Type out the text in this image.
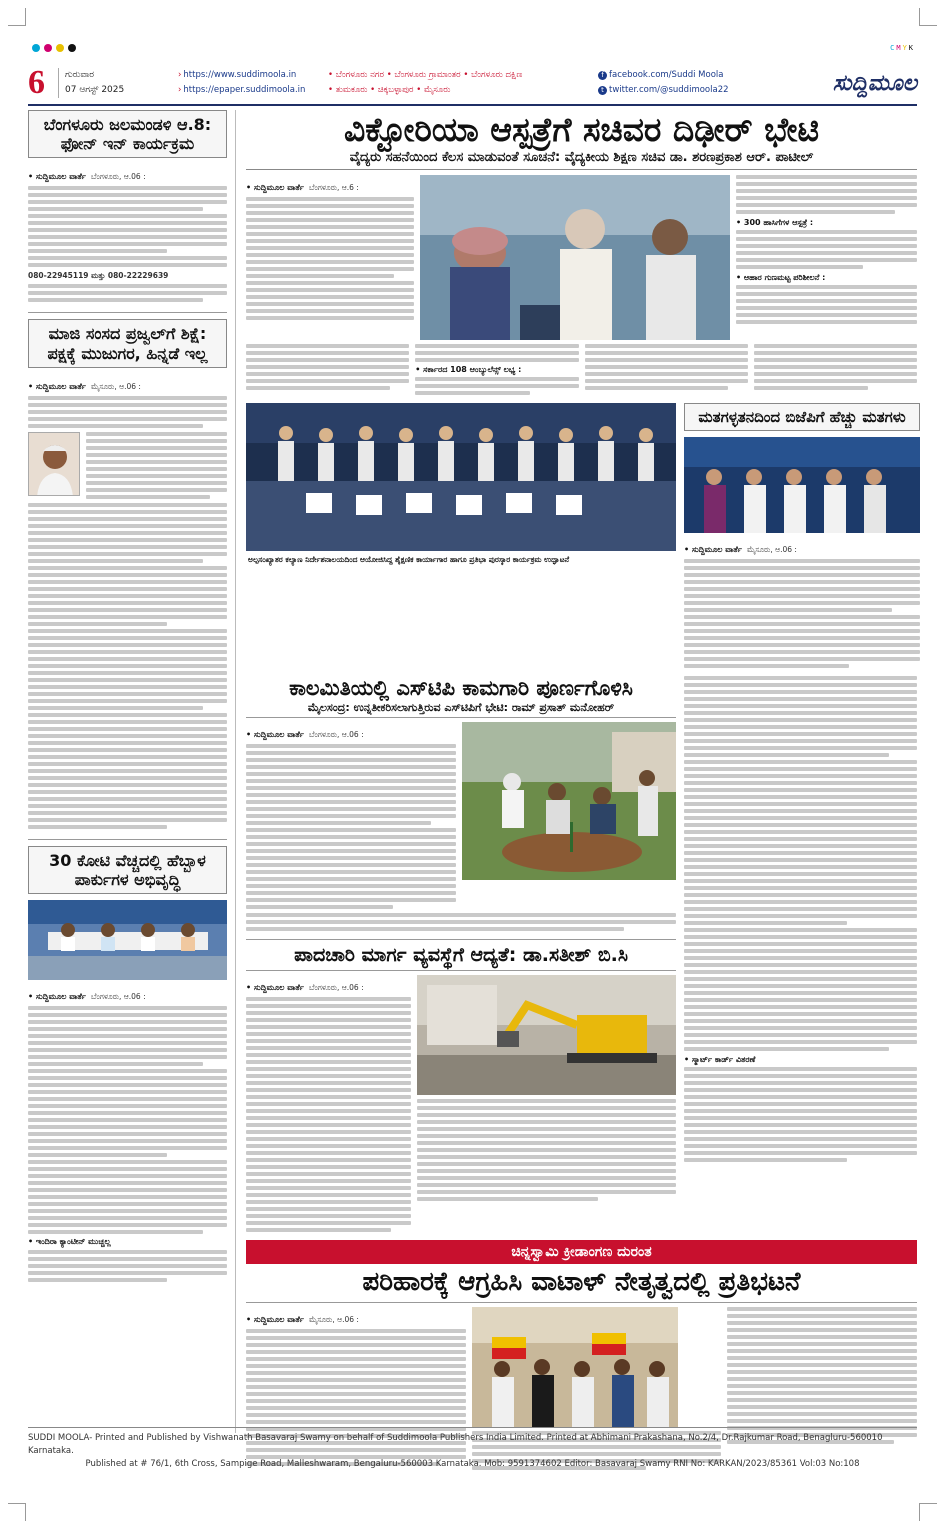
CMYK
6	ಗುರುವಾರ
07 ಆಗಸ್ಟ್ 2025
› https://www.suddimoola.in
› https://epaper.suddimoola.in
• ಬೆಂಗಳೂರು ನಗರ • ಬೆಂಗಳೂರು ಗ್ರಾಮಾಂತರ • ಬೆಂಗಳೂರು ದಕ್ಷಿಣ
• ತುಮಕೂರು • ಚಿಕ್ಕಬಳ್ಳಾಪುರ • ಮೈಸೂರು
f facebook.com/Suddi Moola
t twitter.com/@suddimoola22	ಸುದ್ದಿಮೂಲ
ಬೆಂಗಳೂರು ಜಲಮಂಡಳಿ ಆ.8: ಫೋನ್ ಇನ್ ಕಾರ್ಯಕ್ರಮ
• ಸುದ್ದಿಮೂಲ ವಾರ್ತೆ ಬೆಂಗಳೂರು, ಆ.06 :
080-22945119 ಮತ್ತು 080-22229639
ಮಾಜಿ ಸಂಸದ ಪ್ರಜ್ವಲ್‌ಗೆ ಶಿಕ್ಷೆ: ಪಕ್ಷಕ್ಕೆ ಮುಜುಗರ, ಹಿನ್ನಡೆ ಇಲ್ಲ
• ಸುದ್ದಿಮೂಲ ವಾರ್ತೆ ಮೈಸೂರು, ಆ.06 :
30 ಕೋಟಿ ವೆಚ್ಚದಲ್ಲಿ ಹೆಬ್ಬಾಳ ಪಾರ್ಕುಗಳ ಅಭಿವೃದ್ಧಿ
• ಸುದ್ದಿಮೂಲ ವಾರ್ತೆ ಬೆಂಗಳೂರು, ಆ.06 :
• ಇಂದಿರಾ ಕ್ಯಾಂಟೀನ್ ಮುಚ್ಚಲ್ಲ
ವಿಕ್ಟೋರಿಯಾ ಆಸ್ಪತ್ರೆಗೆ ಸಚಿವರ ದಿಢೀರ್ ಭೇಟಿ
ವೈದ್ಯರು ಸಹನೆಯಿಂದ ಕೆಲಸ ಮಾಡುವಂತೆ ಸೂಚನೆ: ವೈದ್ಯಕೀಯ ಶಿಕ್ಷಣ ಸಚಿವ ಡಾ. ಶರಣಪ್ರಕಾಶ ಆರ್. ಪಾಟೀಲ್
• ಸುದ್ದಿಮೂಲ ವಾರ್ತೆ ಬೆಂಗಳೂರು, ಆ.6 :
• 300 ಹಾಸಿಗೆಗಳ ಆಸ್ಪತ್ರೆ :
• ಆಹಾರ ಗುಣಮಟ್ಟ ಪರಿಶೀಲನೆ :
• ಸರ್ಕಾರದ 108 ಆಂಬ್ಯುಲೆನ್ಸ್ ಲಭ್ಯ :
ಅಲ್ಪಸಂಖ್ಯಾತರ ಕಲ್ಯಾಣ ನಿರ್ದೇಶನಾಲಯದಿಂದ ಆಯೋಜಿಸಿದ್ದ ಶೈಕ್ಷಣಿಕ ಕಾರ್ಯಾಗಾರ ಹಾಗೂ ಪ್ರತಿಭಾ ಪುರಸ್ಕಾರ ಕಾರ್ಯಕ್ರಮ ಉದ್ಘಾಟನೆ
ಮತಗಳ್ಳತನದಿಂದ ಬಿಜೆಪಿಗೆ ಹೆಚ್ಚು ಮತಗಳು
• ಸುದ್ದಿಮೂಲ ವಾರ್ತೆ ಮೈಸೂರು, ಆ.06 :
ಕಾಲಮಿತಿಯಲ್ಲಿ ಎಸ್‌ಟಿಪಿ ಕಾಮಗಾರಿ ಪೂರ್ಣಗೊಳಿಸಿ
ಮೈಲಸಂದ್ರ: ಉನ್ನತೀಕರಿಸಲಾಗುತ್ತಿರುವ ಎಸ್‌ಟಿಪಿಗೆ ಭೇಟಿ: ರಾಮ್ ಪ್ರಸಾತ್ ಮನೋಹರ್
• ಸುದ್ದಿಮೂಲ ವಾರ್ತೆ ಬೆಂಗಳೂರು, ಆ.06 :
ಪಾದಚಾರಿ ಮಾರ್ಗ ವ್ಯವಸ್ಥೆಗೆ ಆದ್ಯತೆ: ಡಾ.ಸತೀಶ್ ಬಿ.ಸಿ
• ಸುದ್ದಿಮೂಲ ವಾರ್ತೆ ಬೆಂಗಳೂರು, ಆ.06 :
• ಸ್ಮಾರ್ಟ್ ಕಾರ್ಡ್ ವಿತರಣೆ
ಚಿನ್ನಸ್ವಾಮಿ ಕ್ರೀಡಾಂಗಣ ದುರಂತ
ಪರಿಹಾರಕ್ಕೆ ಆಗ್ರಹಿಸಿ ವಾಟಾಳ್ ನೇತೃತ್ವದಲ್ಲಿ ಪ್ರತಿಭಟನೆ
• ಸುದ್ದಿಮೂಲ ವಾರ್ತೆ ಮೈಸೂರು, ಆ.06 :
SUDDI MOOLA- Printed and Published by Vishwanath Basavaraj Swamy on behalf of Suddimoola Publishers India Limited. Printed at Abhimani Prakashana, No.2/4, Dr.Rajkumar Road, Benagluru-560010 Karnataka.
Published at # 76/1, 6th Cross, Sampige Road, Malleshwaram, Bengaluru-560003 Karnataka. Mob: 9591374602 Editor: Basavaraj Swamy RNI No: KARKAN/2023/85361 Vol:03 No:108
